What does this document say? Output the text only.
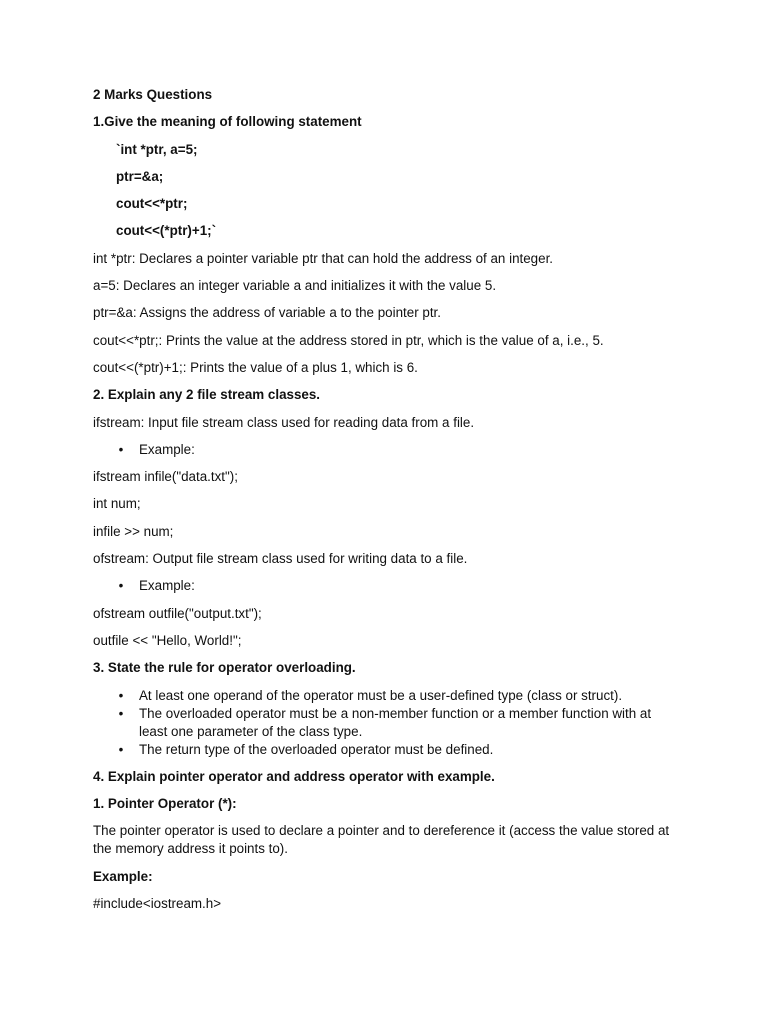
2 Marks Questions
1.Give the meaning of following statement
`int *ptr, a=5;
ptr=&a;
cout<<*ptr;
cout<<(*ptr)+1;`
int *ptr: Declares a pointer variable ptr that can hold the address of an integer.
a=5: Declares an integer variable a and initializes it with the value 5.
ptr=&a: Assigns the address of variable a to the pointer ptr.
cout<<*ptr;: Prints the value at the address stored in ptr, which is the value of a, i.e., 5.
cout<<(*ptr)+1;: Prints the value of a plus 1, which is 6.
2. Explain any 2 file stream classes.
ifstream: Input file stream class used for reading data from a file.
• Example:
ifstream infile("data.txt");
int num;
infile >> num;
ofstream: Output file stream class used for writing data to a file.
• Example:
ofstream outfile("output.txt");
outfile << "Hello, World!";
3. State the rule for operator overloading.
• At least one operand of the operator must be a user-defined type (class or struct).
• The overloaded operator must be a non-member function or a member function with at least one parameter of the class type.
• The return type of the overloaded operator must be defined.
4. Explain pointer operator and address operator with example.
1. Pointer Operator (*):
The pointer operator is used to declare a pointer and to dereference it (access the value stored at the memory address it points to).
Example:
#include<iostream.h>
